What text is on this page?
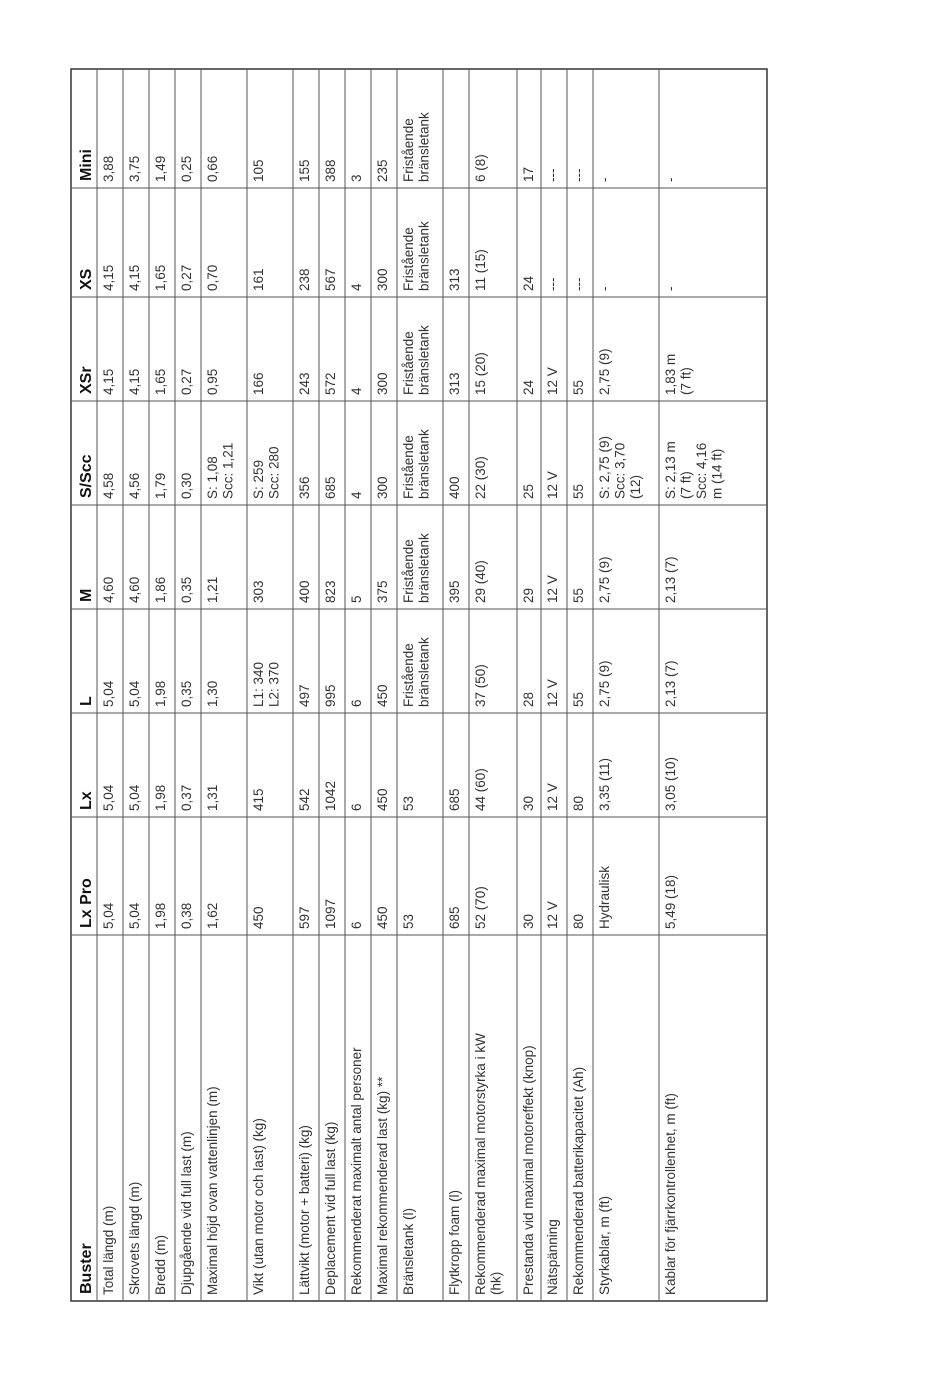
Buster
Lx Pro
Lx
L
M
S/Scc
XSr
XS
Mini
Total längd (m)
5,04
5,04
5,04
4,60
4,58
4,15
4,15
3,88
Skrovets längd (m)
5,04
5,04
5,04
4,60
4,56
4,15
4,15
3,75
Bredd (m)
1,98
1,98
1,98
1,86
1,79
1,65
1,65
1,49
Djupgående vid full last (m)
0,38
0,37
0,35
0,35
0,30
0,27
0,27
0,25
Maximal höjd ovan vattenlinjen (m)
1,62
1,31
1,30
1,21
S: 1,08Scc: 1,21
0,95
0,70
0,66
Vikt (utan motor och last) (kg)
450
415
L1: 340L2: 370
303
S: 259Scc: 280
166
161
105
Lättvikt (motor + batteri) (kg)
597
542
497
400
356
243
238
155
Deplacement vid full last (kg)
1097
1042
995
823
685
572
567
388
Rekommenderat maximalt antal personer
6
6
6
5
4
4
4
3
Maximal rekommenderad last (kg) **
450
450
450
375
300
300
300
235
Bränsletank (l)
53
53
Friståendebränsletank
Friståendebränsletank
Friståendebränsletank
Friståendebränsletank
Friståendebränsletank
Friståendebränsletank
Flytkropp foam (l)
685
685
395
400
313
313
Rekommenderad maximal motorstyrka i kW(hk)
52 (70)
44 (60)
37 (50)
29 (40)
22 (30)
15 (20)
11 (15)
6 (8)
Prestanda vid maximal motoreffekt (knop)
30
30
28
29
25
24
24
17
Nätspänning
12 V
12 V
12 V
12 V
12 V
12 V
---
---
Rekommenderad batterikapacitet (Ah)
80
80
55
55
55
55
---
---
Styrkablar, m (ft)
Hydraulisk
3,35 (11)
2,75 (9)
2,75 (9)
S: 2,75 (9)Scc: 3,70(12)
2,75 (9)
-
-
Kablar för fjärrkontrollenhet, m (ft)
5,49 (18)
3,05 (10)
2,13 (7)
2,13 (7)
S: 2,13 m(7 ft)Scc: 4,16m (14 ft)
1,83 m(7 ft)
-
-
